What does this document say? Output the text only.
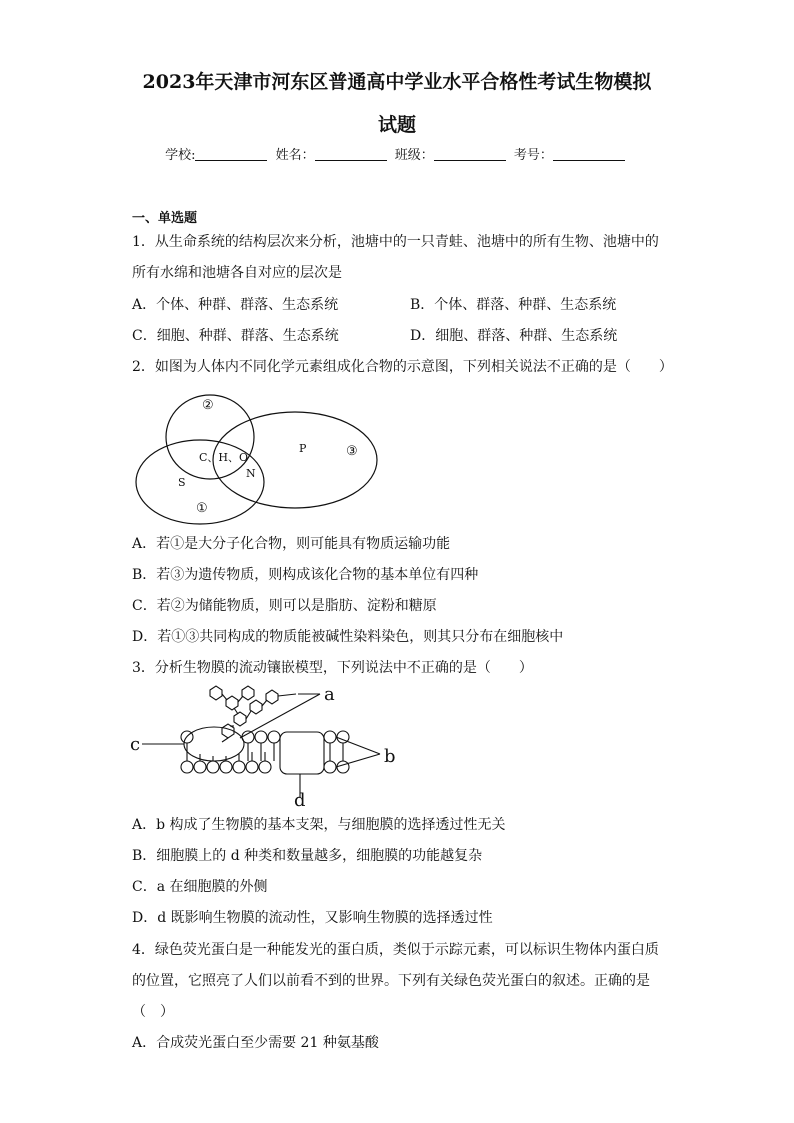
2023年天津市河东区普通高中学业水平合格性考试生物模拟
试题
学校:	姓名：	班级：	考号：
一、单选题
1．从生命系统的结构层次来分析，池塘中的一只青蛙、池塘中的所有生物、池塘中的
所有水绵和池塘各自对应的层次是
A．个体、种群、群落、生态系统	B．个体、群落、种群、生态系统
C．细胞、种群、群落、生态系统	D．细胞、群落、种群、生态系统
2．如图为人体内不同化学元素组成化合物的示意图，下列相关说法不正确的是（　　）
②
③
①
C、H、O
N
P
S
A．若①是大分子化合物，则可能具有物质运输功能
B．若③为遗传物质，则构成该化合物的基本单位有四种
C．若②为储能物质，则可以是脂肪、淀粉和糖原
D．若①③共同构成的物质能被碱性染料染色，则其只分布在细胞核中
3．分析生物膜的流动镶嵌模型，下列说法中不正确的是（　　）
a
c
b
d
A．b 构成了生物膜的基本支架，与细胞膜的选择透过性无关
B．细胞膜上的 d 种类和数量越多，细胞膜的功能越复杂
C．a 在细胞膜的外侧
D．d 既影响生物膜的流动性，又影响生物膜的选择透过性
4．绿色荧光蛋白是一种能发光的蛋白质，类似于示踪元素，可以标识生物体内蛋白质
的位置，它照亮了人们以前看不到的世界。下列有关绿色荧光蛋白的叙述。正确的是
（　）
A．合成荧光蛋白至少需要 21 种氨基酸
